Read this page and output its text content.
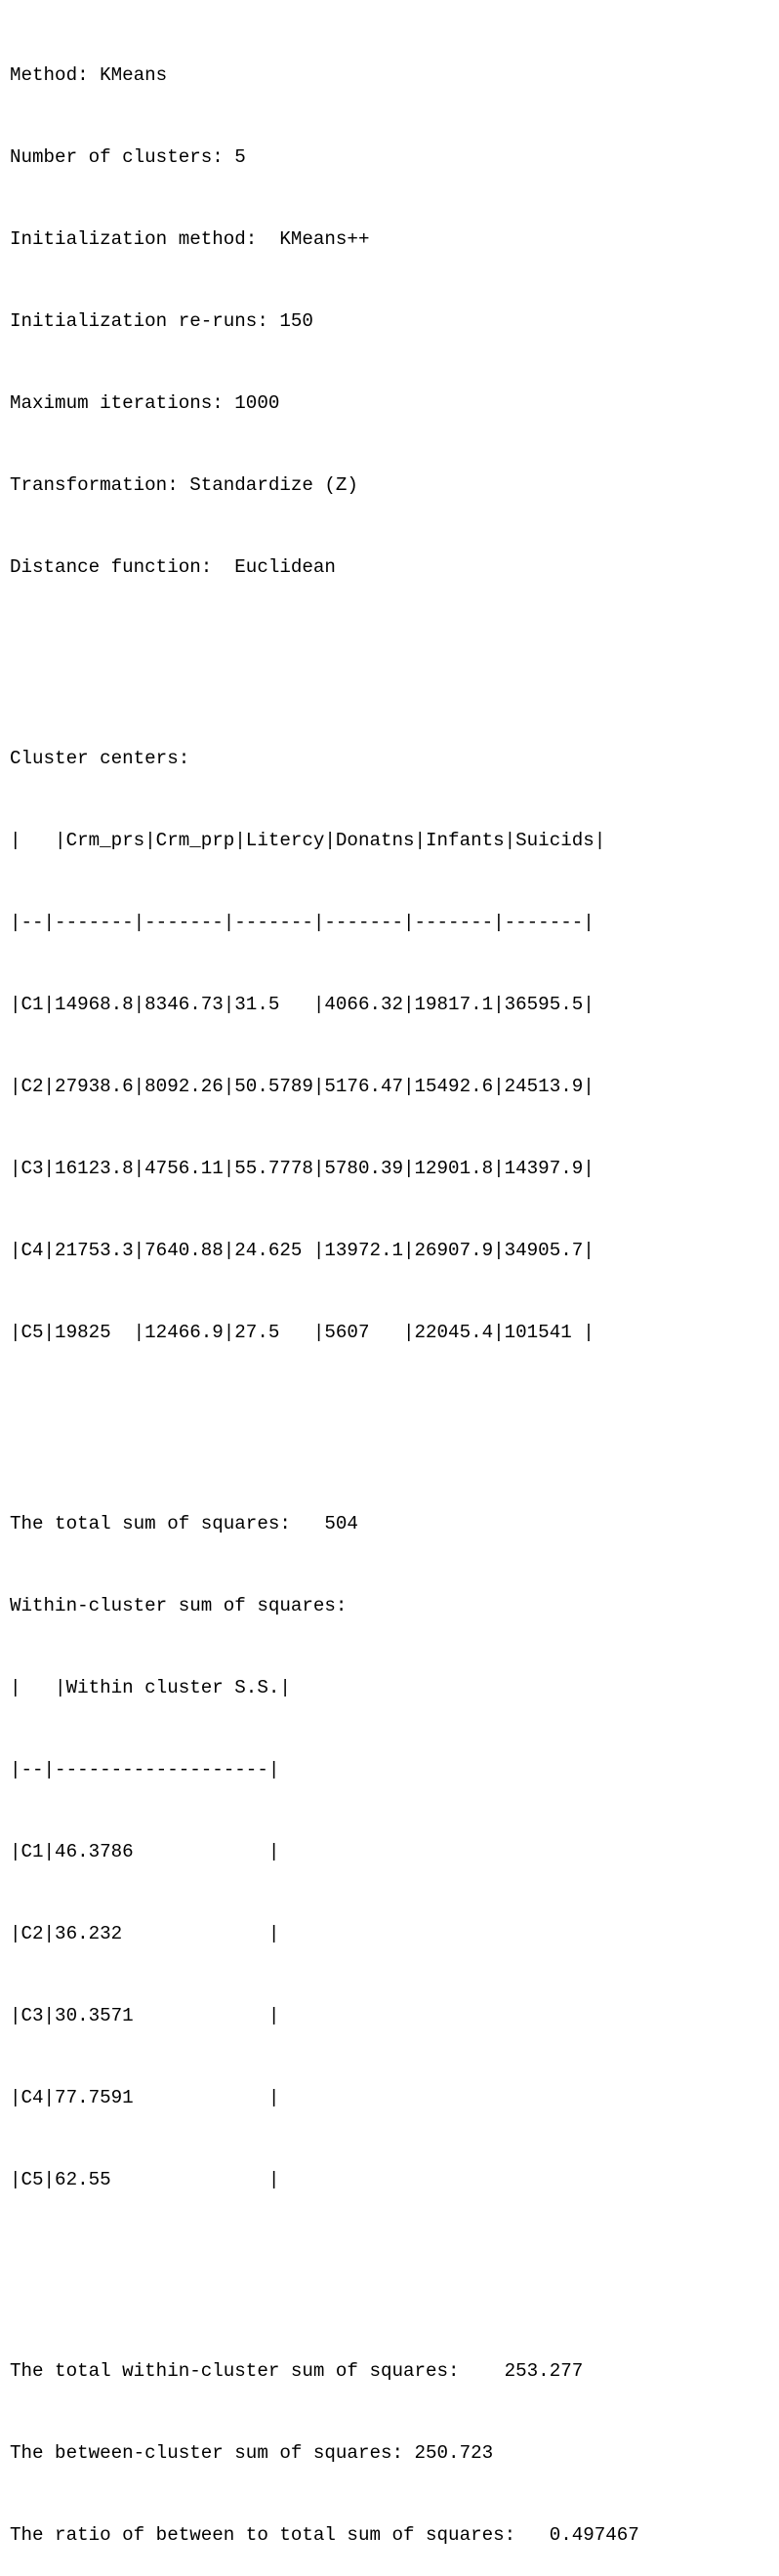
Method: KMeans

Number of clusters: 5

Initialization method:  KMeans++

Initialization re-runs: 150

Maximum iterations: 1000

Transformation: Standardize (Z)

Distance function:  Euclidean

Cluster centers:

|   |Crm_prs|Crm_prp|Litercy|Donatns|Infants|Suicids|

|--|-------|-------|-------|-------|-------|-------|

|C1|14968.8|8346.73|31.5   |4066.32|19817.1|36595.5|

|C2|27938.6|8092.26|50.5789|5176.47|15492.6|24513.9|

|C3|16123.8|4756.11|55.7778|5780.39|12901.8|14397.9|

|C4|21753.3|7640.88|24.625 |13972.1|26907.9|34905.7|

|C5|19825  |12466.9|27.5   |5607   |22045.4|101541 |

The total sum of squares:   504

Within-cluster sum of squares:

|   |Within cluster S.S.|

|--|-------------------|

|C1|46.3786            |

|C2|36.232             |

|C3|30.3571            |

|C4|77.7591            |

|C5|62.55              |

The total within-cluster sum of squares:    253.277

The between-cluster sum of squares: 250.723

The ratio of between to total sum of squares:   0.497467
